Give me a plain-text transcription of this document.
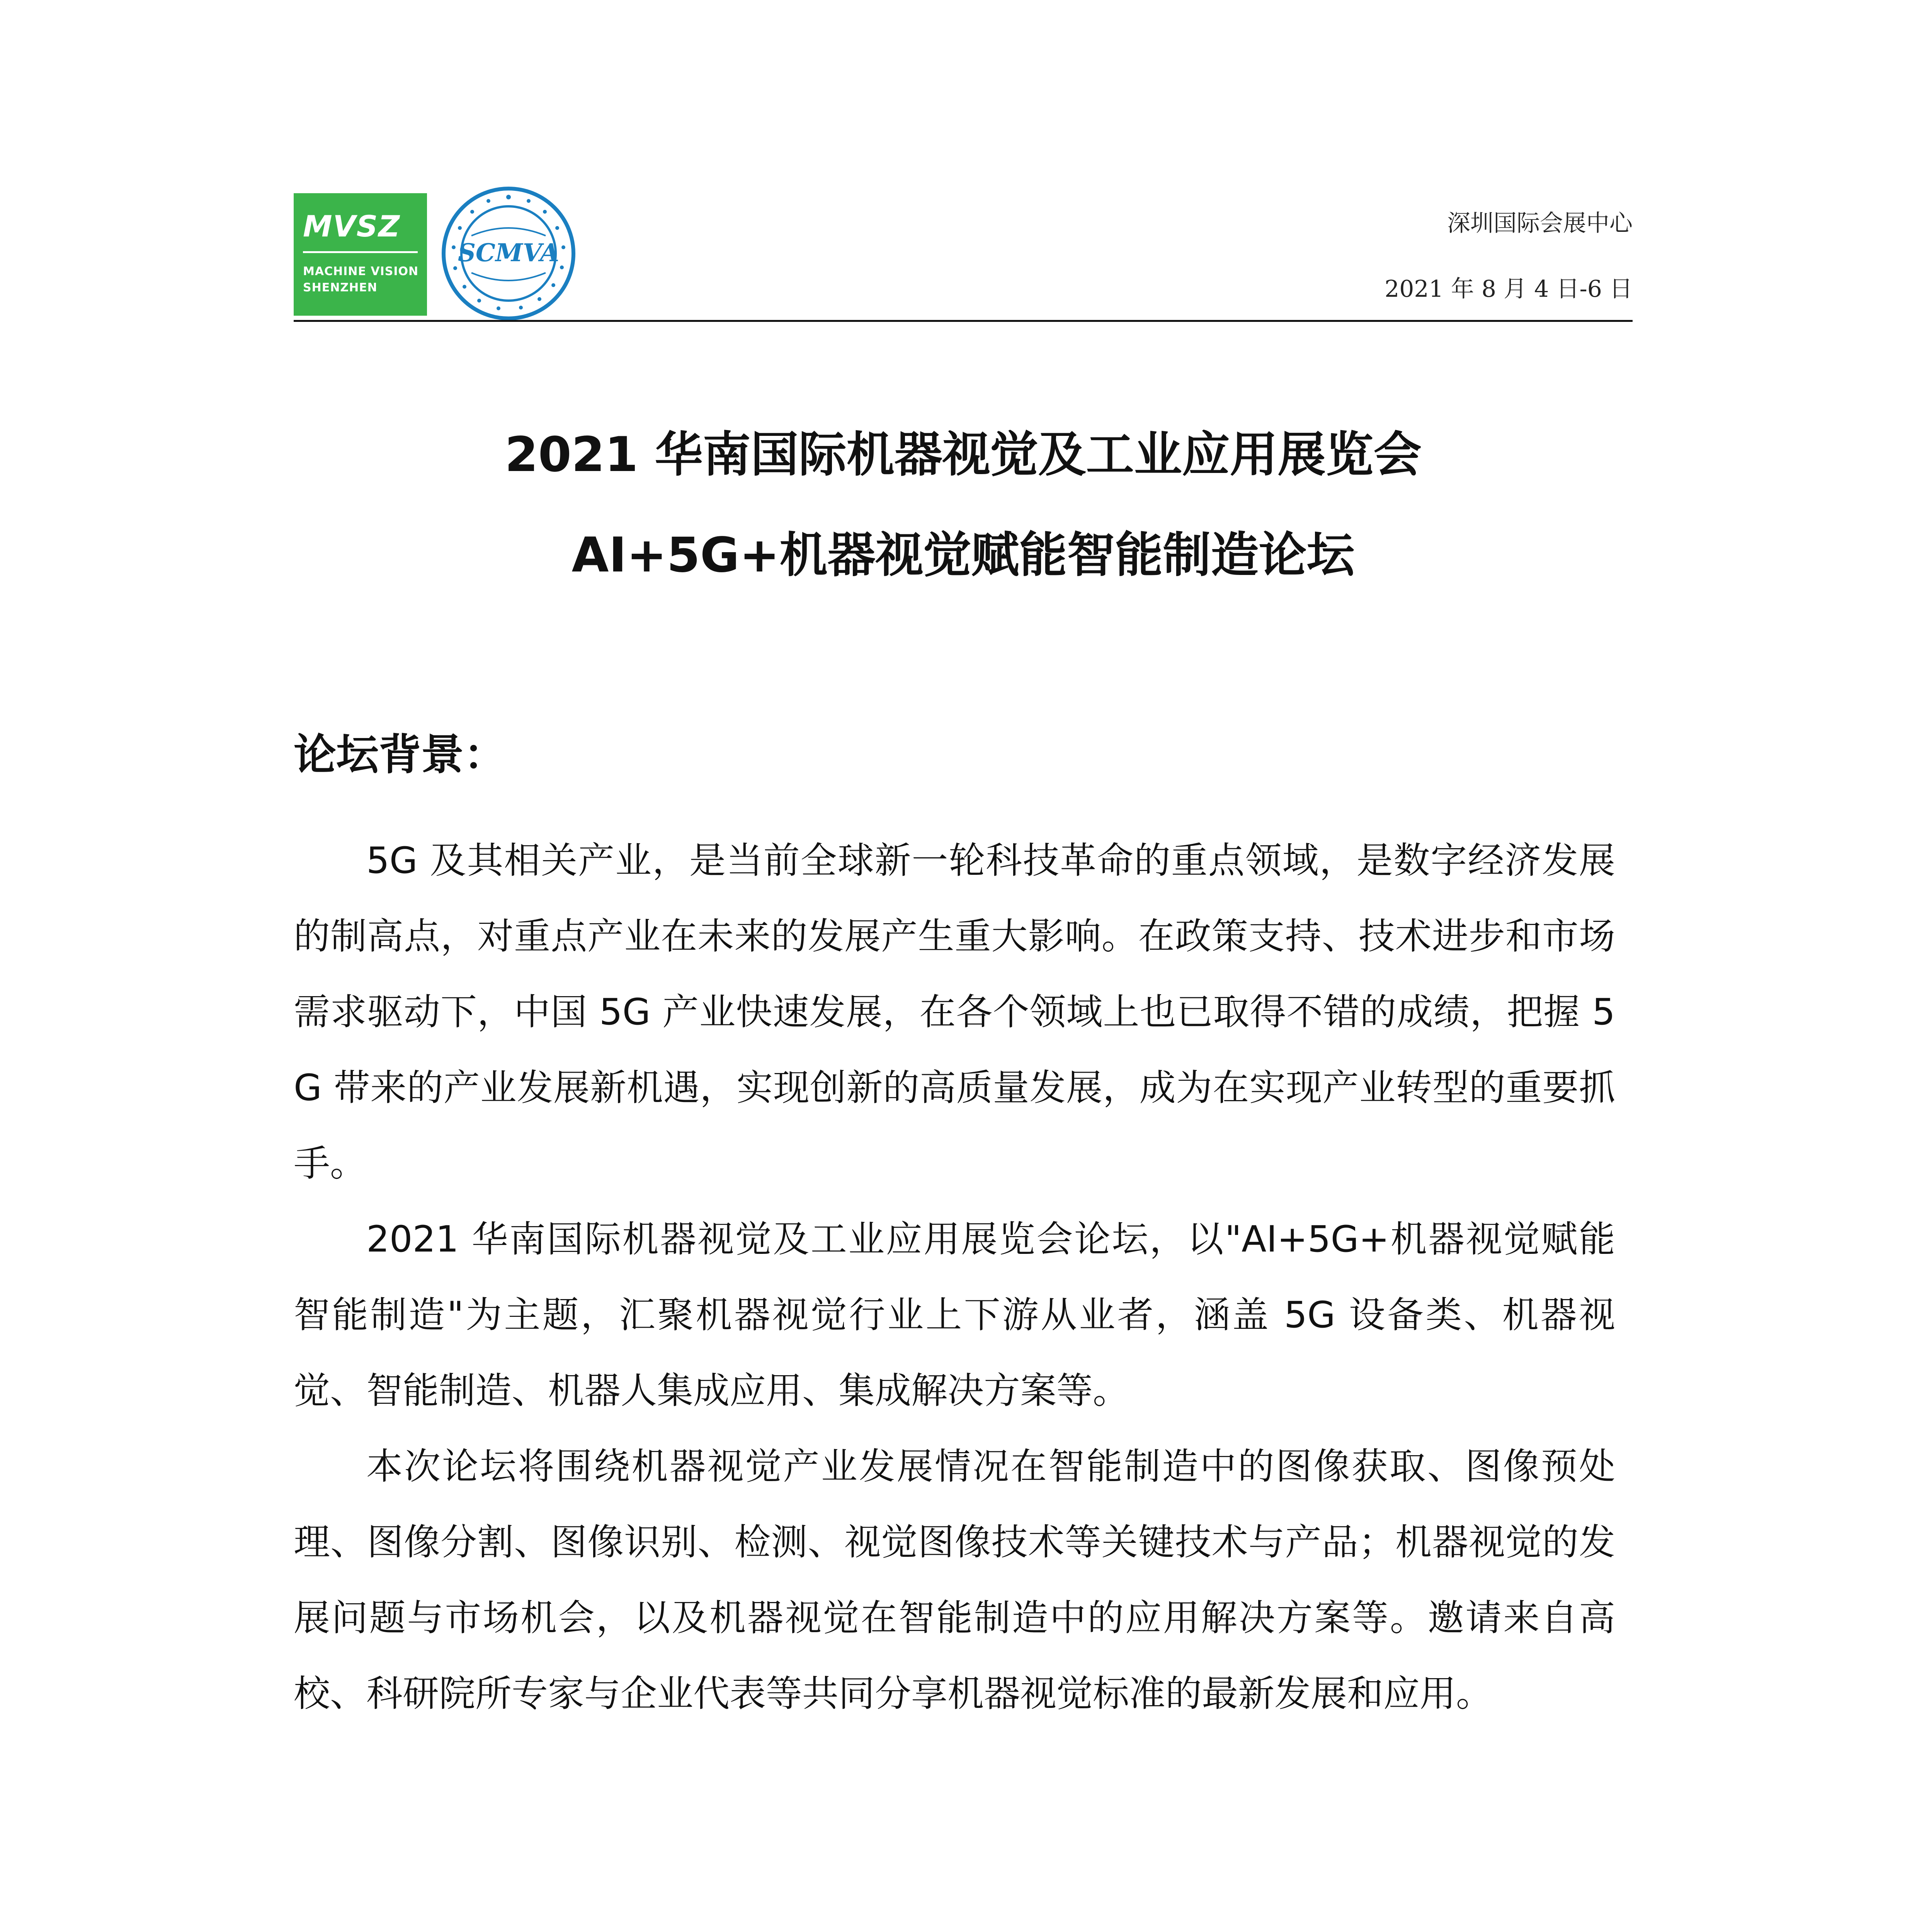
MVSZ
MACHINE VISION
SHENZHEN
SCMVA
深圳国际会展中心
2021 年 8 月 4 日-6 日
2021 华南国际机器视觉及工业应用展览会
AI+5G+机器视觉赋能智能制造论坛
论坛背景：

5G 及其相关产业，是当前全球新一轮科技革命的重点领域，是数字经济发展的制高点，对重点产业在未来的发展产生重大影响。在政策支持、技术进步和市场需求驱动下，中国 5G 产业快速发展，在各个领域上也已取得不错的成绩，把握 5G 带来的产业发展新机遇，实现创新的高质量发展，成为在实现产业转型的重要抓手。

2021 华南国际机器视觉及工业应用展览会论坛，以"AI+5G+机器视觉赋能智能制造"为主题，汇聚机器视觉行业上下游从业者，涵盖 5G 设备类、机器视觉、智能制造、机器人集成应用、集成解决方案等。

本次论坛将围绕机器视觉产业发展情况在智能制造中的图像获取、图像预处理、图像分割、图像识别、检测、视觉图像技术等关键技术与产品；机器视觉的发展问题与市场机会，以及机器视觉在智能制造中的应用解决方案等。邀请来自高校、科研院所专家与企业代表等共同分享机器视觉标准的最新发展和应用。
